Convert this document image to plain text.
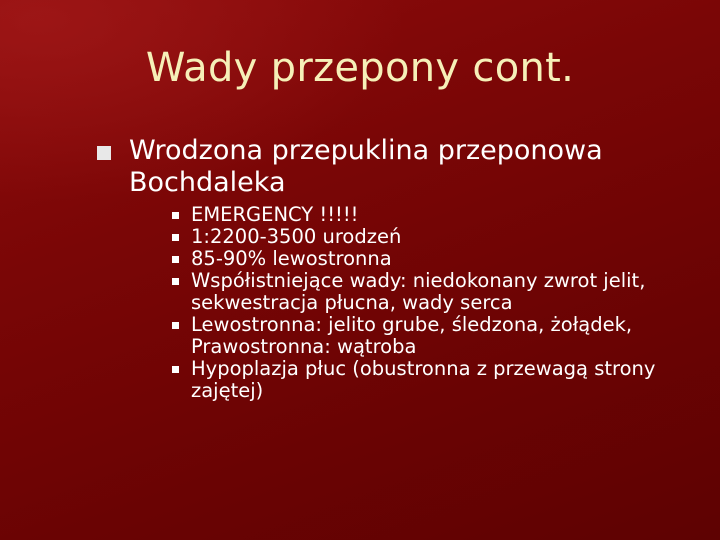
Wady przepony cont.
Wrodzona przepuklina przeponowa Bochdaleka
EMERGENCY !!!!!
1:2200-3500 urodzeń
85-90% lewostronna
Współistniejące wady: niedokonany zwrot jelit, sekwestracja płucna, wady serca
Lewostronna: jelito grube, śledzona, żołądek, Prawostronna: wątroba
Hypoplazja płuc (obustronna z przewagą strony zajętej)
